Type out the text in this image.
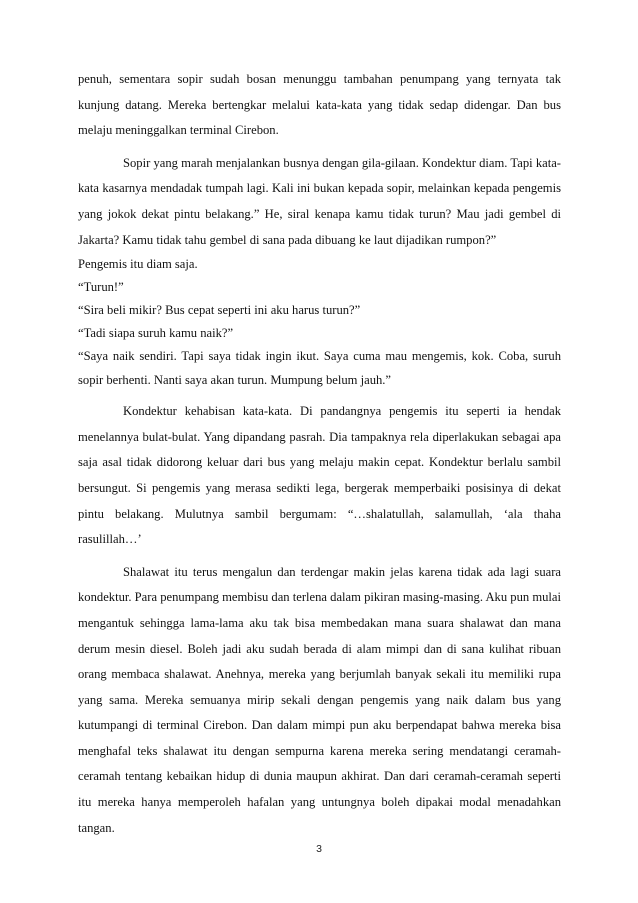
penuh, sementara sopir sudah bosan menunggu tambahan penumpang yang ternyata tak kunjung datang. Mereka bertengkar melalui kata-kata yang tidak sedap didengar. Dan bus melaju meninggalkan terminal Cirebon.

Sopir yang marah menjalankan busnya dengan gila-gilaan. Kondektur diam. Tapi kata-kata kasarnya mendadak tumpah lagi. Kali ini bukan kepada sopir, melainkan kepada pengemis yang jokok dekat pintu belakang.” He, siral kenapa kamu tidak turun? Mau jadi gembel di Jakarta? Kamu tidak tahu gembel di sana pada dibuang ke laut dijadikan rumpon?”

Pengemis itu diam saja.

“Turun!”

“Sira beli mikir? Bus cepat seperti ini aku harus turun?”

“Tadi siapa suruh kamu naik?”

“Saya naik sendiri. Tapi saya tidak ingin ikut. Saya cuma mau mengemis, kok. Coba, suruh sopir berhenti. Nanti saya akan turun. Mumpung belum jauh.”

Kondektur kehabisan kata-kata. Di pandangnya pengemis itu seperti ia hendak menelannya bulat-bulat. Yang dipandang pasrah. Dia tampaknya rela diperlakukan sebagai apa saja asal tidak didorong keluar dari bus yang melaju makin cepat. Kondektur berlalu sambil bersungut. Si pengemis yang merasa sedikti lega, bergerak memperbaiki posisinya di dekat pintu belakang. Mulutnya sambil bergumam: “…shalatullah, salamullah, ‘ala thaha rasulillah…’

Shalawat itu terus mengalun dan terdengar makin jelas karena tidak ada lagi suara kondektur. Para penumpang membisu dan terlena dalam pikiran masing-masing. Aku pun mulai mengantuk sehingga lama-lama aku tak bisa membedakan mana suara shalawat dan mana derum mesin diesel. Boleh jadi aku sudah berada di alam mimpi dan di sana kulihat ribuan orang membaca shalawat. Anehnya, mereka yang berjumlah banyak sekali itu memiliki rupa yang sama. Mereka semuanya mirip sekali dengan pengemis yang naik dalam bus yang kutumpangi di terminal Cirebon. Dan dalam mimpi pun aku berpendapat bahwa mereka bisa menghafal teks shalawat itu dengan sempurna karena mereka sering mendatangi ceramah-ceramah tentang kebaikan hidup di dunia maupun akhirat. Dan dari ceramah-ceramah seperti itu mereka hanya memperoleh hafalan yang untungnya boleh dipakai modal menadahkan tangan.

3
